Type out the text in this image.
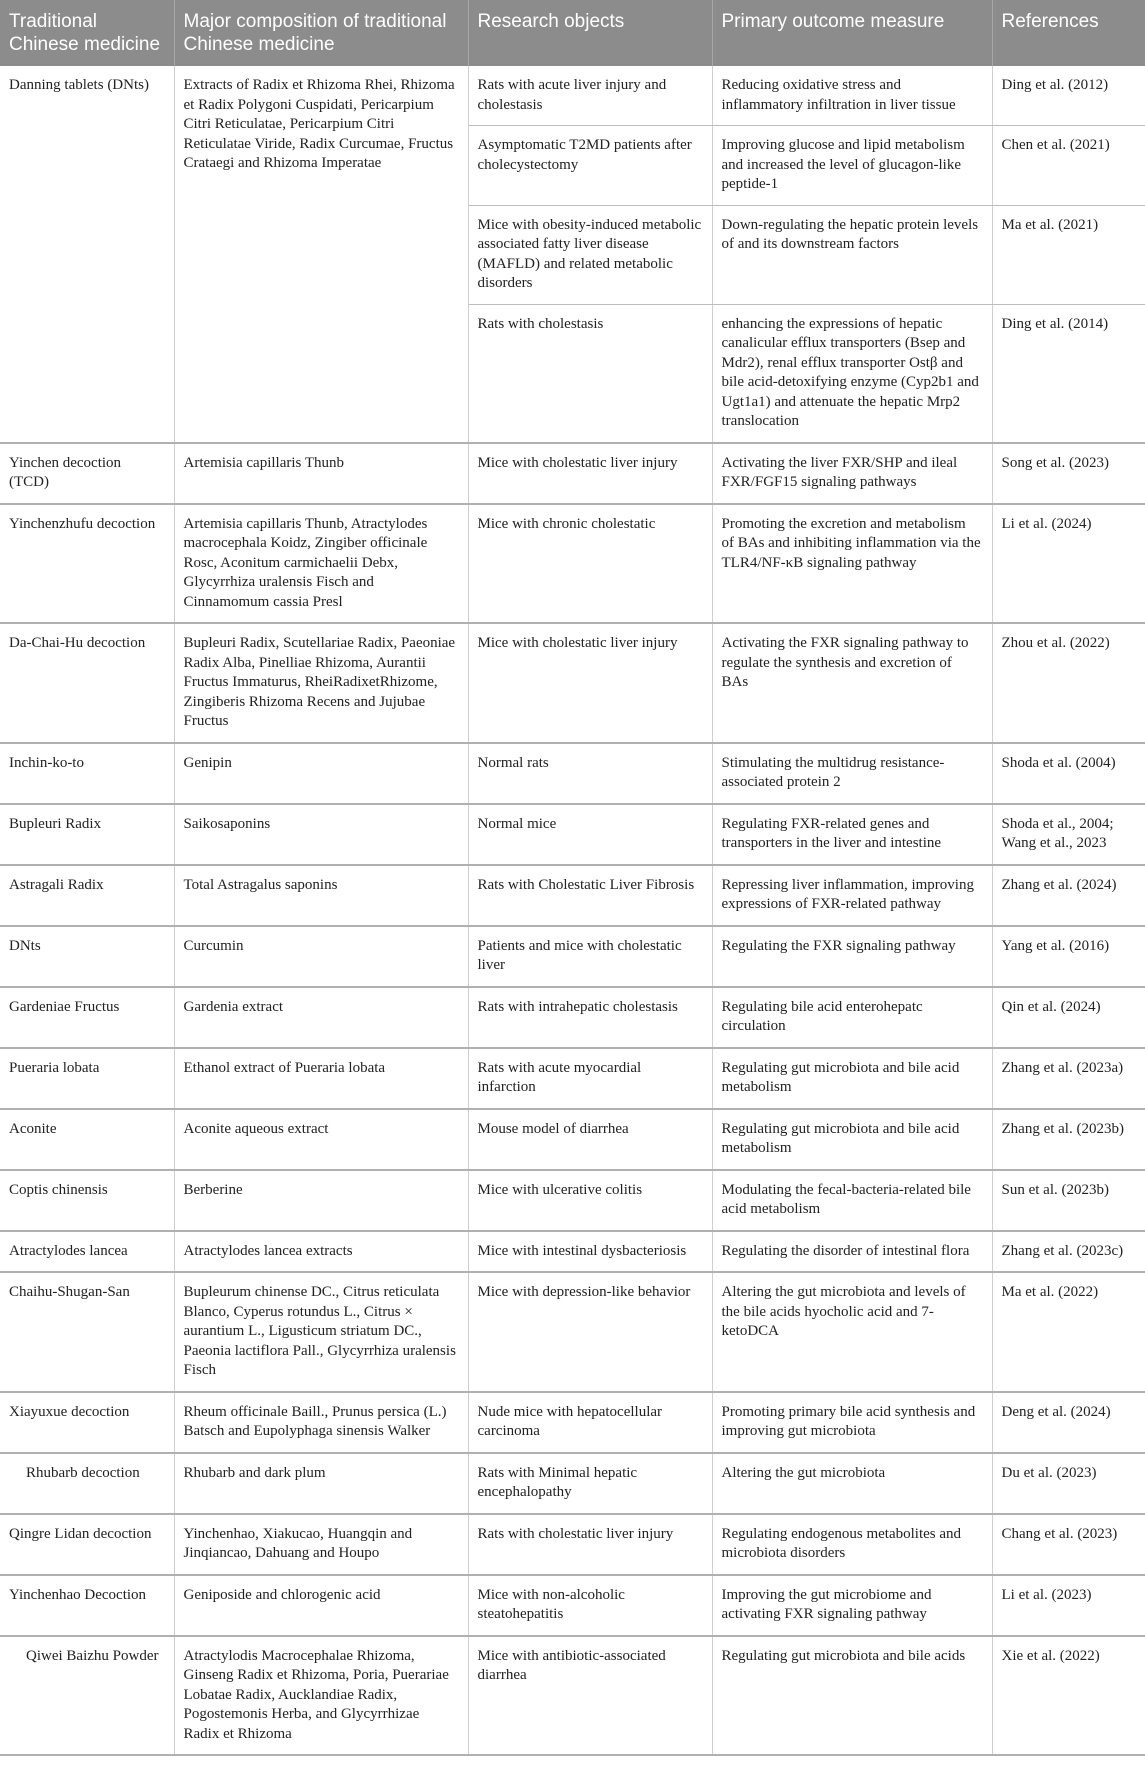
Traditional Chinese medicine	Major composition of traditional Chinese medicine	Research objects	Primary outcome measure	References
Danning tablets (DNts)	Extracts of Radix et Rhizoma Rhei, Rhizoma et Radix Polygoni Cuspidati, Pericarpium Citri Reticulatae, Pericarpium Citri Reticulatae Viride, Radix Curcumae, Fructus Crataegi and Rhizoma Imperatae	Rats with acute liver injury and cholestasis	Reducing oxidative stress and inflammatory infiltration in liver tissue	Ding et al. (2012)
		Asymptomatic T2MD patients after cholecystectomy	Improving glucose and lipid metabolism and increased the level of glucagon-like peptide-1	Chen et al. (2021)
		Mice with obesity-induced metabolic associated fatty liver disease (MAFLD) and related metabolic disorders	Down-regulating the hepatic protein levels of and its downstream factors	Ma et al. (2021)
		Rats with cholestasis	enhancing the expressions of hepatic canalicular efflux transporters (Bsep and Mdr2), renal efflux transporter Ostβ and bile acid-detoxifying enzyme (Cyp2b1 and Ugt1a1) and attenuate the hepatic Mrp2 translocation	Ding et al. (2014)
Yinchen decoction (TCD)	Artemisia capillaris Thunb	Mice with cholestatic liver injury	Activating the liver FXR/SHP and ileal FXR/FGF15 signaling pathways	Song et al. (2023)
Yinchenzhufu decoction	Artemisia capillaris Thunb, Atractylodes macrocephala Koidz, Zingiber officinale Rosc, Aconitum carmichaelii Debx, Glycyrrhiza uralensis Fisch and Cinnamomum cassia Presl	Mice with chronic cholestatic	Promoting the excretion and metabolism of BAs and inhibiting inflammation via the TLR4/NF-κB signaling pathway	Li et al. (2024)
Da-Chai-Hu decoction	Bupleuri Radix, Scutellariae Radix, Paeoniae Radix Alba, Pinelliae Rhizoma, Aurantii Fructus Immaturus, RheiRadixetRhizome, Zingiberis Rhizoma Recens and Jujubae Fructus	Mice with cholestatic liver injury	Activating the FXR signaling pathway to regulate the synthesis and excretion of BAs	Zhou et al. (2022)
Inchin-ko-to	Genipin	Normal rats	Stimulating the multidrug resistance-associated protein 2	Shoda et al. (2004)
Bupleuri Radix	Saikosaponins	Normal mice	Regulating FXR-related genes and transporters in the liver and intestine	Shoda et al., 2004; Wang et al., 2023
Astragali Radix	Total Astragalus saponins	Rats with Cholestatic Liver Fibrosis	Repressing liver inflammation, improving expressions of FXR-related pathway	Zhang et al. (2024)
DNts	Curcumin	Patients and mice with cholestatic liver	Regulating the FXR signaling pathway	Yang et al. (2016)
Gardeniae Fructus	Gardenia extract	Rats with intrahepatic cholestasis	Regulating bile acid enterohepatc circulation	Qin et al. (2024)
Pueraria lobata	Ethanol extract of Pueraria lobata	Rats with acute myocardial infarction	Regulating gut microbiota and bile acid metabolism	Zhang et al. (2023a)
Aconite	Aconite aqueous extract	Mouse model of diarrhea	Regulating gut microbiota and bile acid metabolism	Zhang et al. (2023b)
Coptis chinensis	Berberine	Mice with ulcerative colitis	Modulating the fecal-bacteria-related bile acid metabolism	Sun et al. (2023b)
Atractylodes lancea	Atractylodes lancea extracts	Mice with intestinal dysbacteriosis	Regulating the disorder of intestinal flora	Zhang et al. (2023c)
Chaihu-Shugan-San	Bupleurum chinense DC., Citrus reticulata Blanco, Cyperus rotundus L., Citrus × aurantium L., Ligusticum striatum DC., Paeonia lactiflora Pall., Glycyrrhiza uralensis Fisch	Mice with depression-like behavior	Altering the gut microbiota and levels of the bile acids hyocholic acid and 7-ketoDCA	Ma et al. (2022)
Xiayuxue decoction	Rheum officinale Baill., Prunus persica (L.) Batsch and Eupolyphaga sinensis Walker	Nude mice with hepatocellular carcinoma	Promoting primary bile acid synthesis and improving gut microbiota	Deng et al. (2024)
Rhubarb decoction	Rhubarb and dark plum	Rats with Minimal hepatic encephalopathy	Altering the gut microbiota	Du et al. (2023)
Qingre Lidan decoction	Yinchenhao, Xiakucao, Huangqin and Jinqiancao, Dahuang and Houpo	Rats with cholestatic liver injury	Regulating endogenous metabolites and microbiota disorders	Chang et al. (2023)
Yinchenhao Decoction	Geniposide and chlorogenic acid	Mice with non-alcoholic steatohepatitis	Improving the gut microbiome and activating FXR signaling pathway	Li et al. (2023)
Qiwei Baizhu Powder	Atractylodis Macrocephalae Rhizoma, Ginseng Radix et Rhizoma, Poria, Puerariae Lobatae Radix, Aucklandiae Radix, Pogostemonis Herba, and Glycyrrhizae Radix et Rhizoma	Mice with antibiotic-associated diarrhea	Regulating gut microbiota and bile acids	Xie et al. (2022)
